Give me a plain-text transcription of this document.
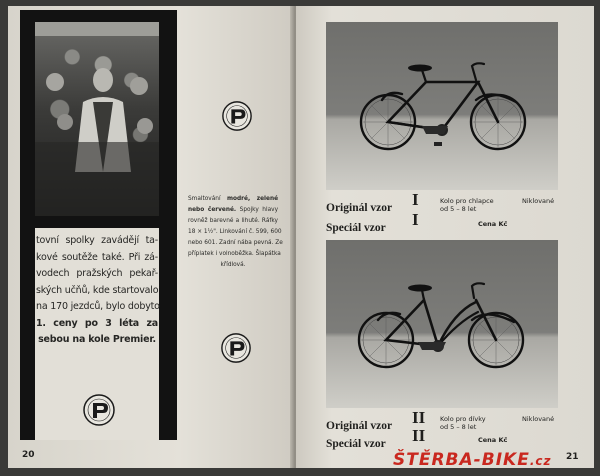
tovní spolky zavádějí ta-
kové soutěže také. Při zá-
vodech pražských pekař-
ských učňů, kde startovalo
na 170 jezdců, bylo dobyto
1. ceny po 3 léta za
sebou na kole Premier.
20
Smaltování modré, zelené
nebo červené. Spojky hlavy
rovněž barevné a lihuté. Ráfky
18 × 1½". Linkování č. 599, 600
nebo 601. Zadní nába pevná. Ze
příplatek i volnoběžka. Šlapátka
křídlová.
Originál vzor I
Speciál vzor I
Kolo pro chlapce
od 5 – 8 let
Niklované
Cena Kč
Originál vzor II
Speciál vzor II
Kolo pro dívky
od 5 – 8 let
Niklované
Cena Kč
21
ŠTĚRBA-BIKE.cz
